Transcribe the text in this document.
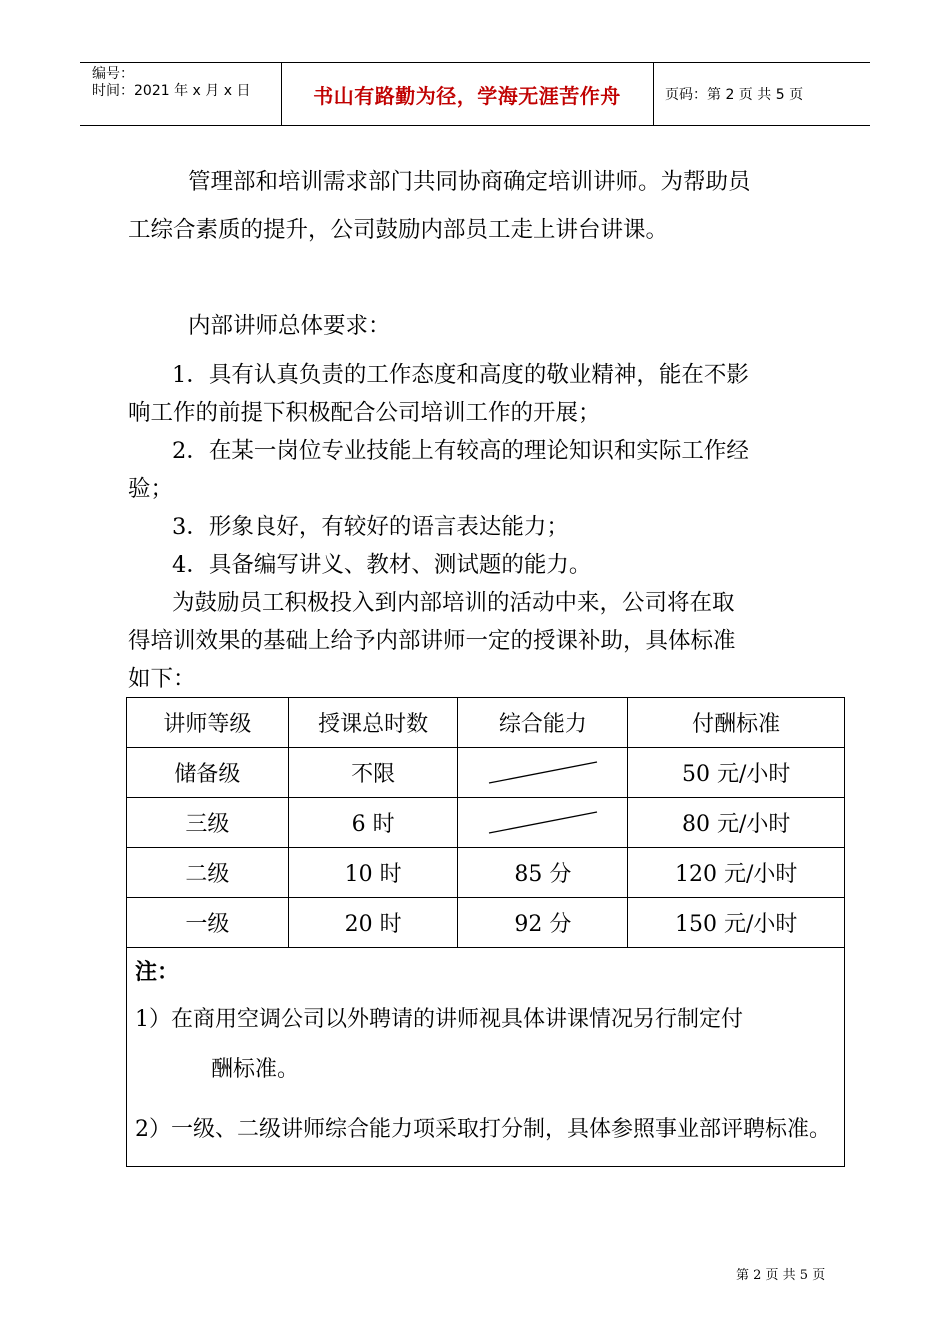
编号：
时间：2021 年 x 月 x 日	书山有路勤为径，学海无涯苦作舟	页码：第 2 页 共 5 页

管理部和培训需求部门共同协商确定培训讲师。为帮助员

工综合素质的提升，公司鼓励内部员工走上讲台讲课。

内部讲师总体要求：

1．具有认真负责的工作态度和高度的敬业精神，能在不影

响工作的前提下积极配合公司培训工作的开展；

2．在某一岗位专业技能上有较高的理论知识和实际工作经

验；

3．形象良好，有较好的语言表达能力；

4．具备编写讲义、教材、测试题的能力。

为鼓励员工积极投入到内部培训的活动中来，公司将在取

得培训效果的基础上给予内部讲师一定的授课补助，具体标准

如下：

讲师等级	授课总时数	综合能力	付酬标准
储备级	不限		50 元/小时
三级	6 时		80 元/小时
二级	10 时	85 分	120 元/小时
一级	20 时	92 分	150 元/小时

注：
1）在商用空调公司以外聘请的讲师视具体讲课情况另行制定付
酬标准。
2）一级、二级讲师综合能力项采取打分制，具体参照事业部评聘标准。			
第 2 页 共 5 页
